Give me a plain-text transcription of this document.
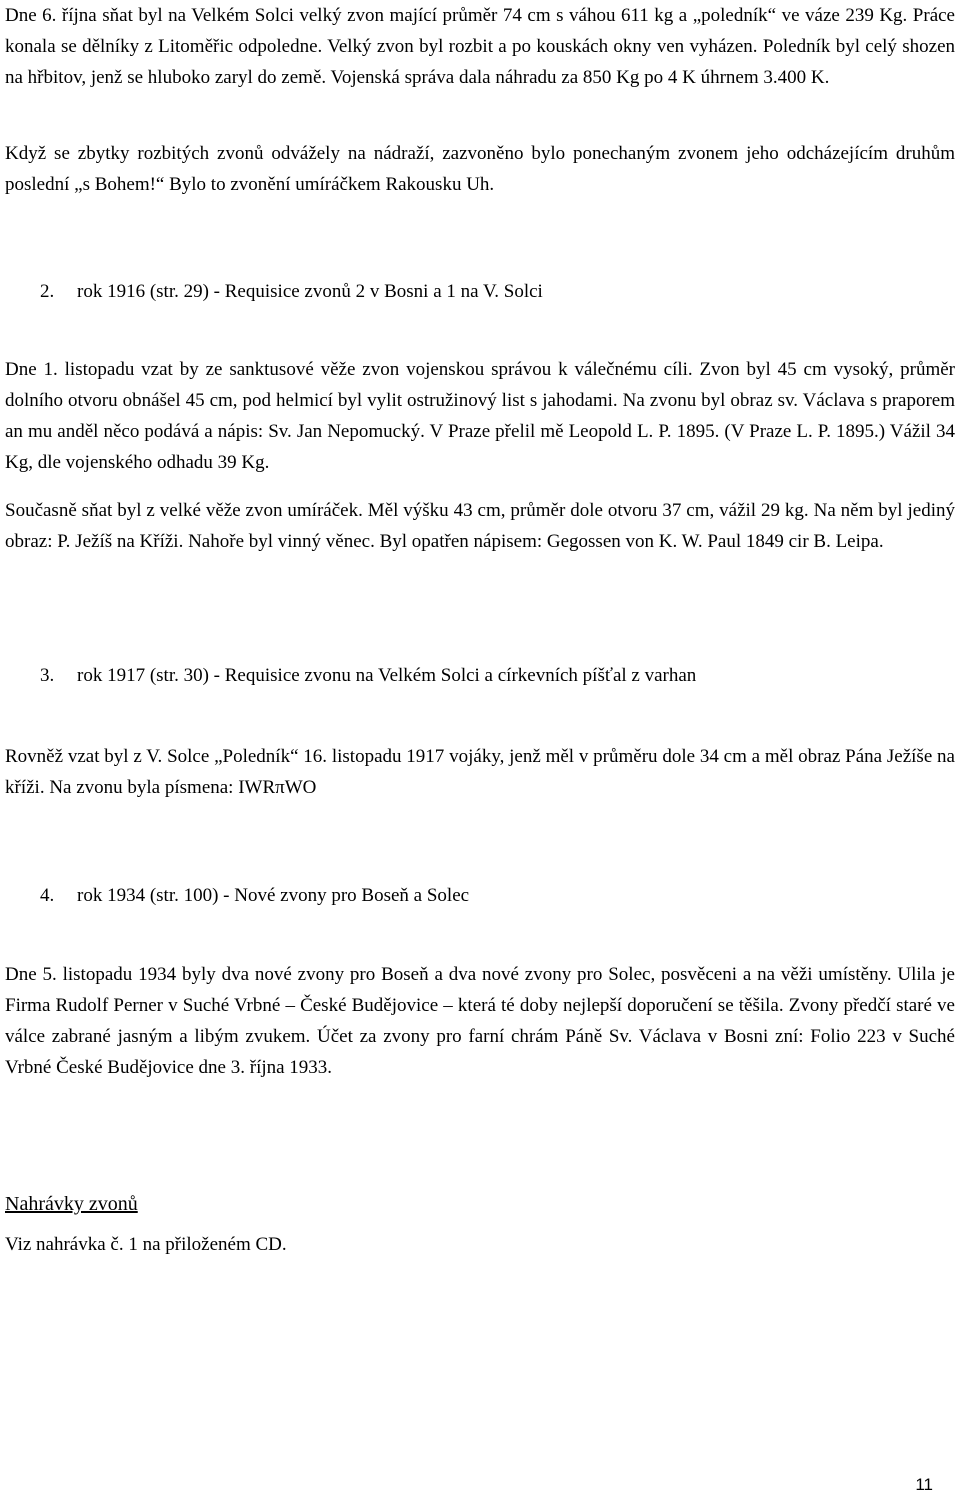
Dne 6. října sňat byl na Velkém Solci velký zvon mající průměr 74 cm s váhou 611 kg a „poledník“ ve váze 239 Kg. Práce konala se dělníky z Litoměřic odpoledne. Velký zvon byl rozbit a po kouskách okny ven vyházen. Poledník byl celý shozen na hřbitov, jenž se hluboko zaryl do země. Vojenská správa dala náhradu za 850 Kg po 4 K úhrnem 3.400 K.

Když se zbytky rozbitých zvonů odvážely na nádraží, zazvoněno bylo ponechaným zvonem jeho odcházejícím druhům poslední „s Bohem!“ Bylo to zvonění umíráčkem Rakousku Uh.

2. rok 1916 (str. 29) - Requisice zvonů 2 v Bosni a 1 na V. Solci

Dne 1. listopadu vzat by ze sanktusové věže zvon vojenskou správou k válečnému cíli. Zvon byl 45 cm vysoký, průměr dolního otvoru obnášel 45 cm, pod helmicí byl vylit ostružinový list s jahodami. Na zvonu byl obraz sv. Václava s praporem an mu anděl něco podává a nápis: Sv. Jan Nepomucký. V Praze přelil mě Leopold L. P. 1895. (V Praze L. P. 1895.) Vážil 34 Kg, dle vojenského odhadu 39 Kg.

Současně sňat byl z velké věže zvon umíráček. Měl výšku 43 cm, průměr dole otvoru 37 cm, vážil 29 kg. Na něm byl jediný obraz: P. Ježíš na Kříži. Nahoře byl vinný věnec. Byl opatřen nápisem: Gegossen von K. W. Paul 1849 cir B. Leipa.

3. rok 1917 (str. 30) - Requisice zvonu na Velkém Solci a církevních píšťal z varhan

Rovněž vzat byl z V. Solce „Poledník“ 16. listopadu 1917 vojáky, jenž měl v průměru dole 34 cm a měl obraz Pána Ježíše na kříži. Na zvonu byla písmena: IWRπWO

4. rok 1934 (str. 100) - Nové zvony pro Boseň a Solec

Dne 5. listopadu 1934 byly dva nové zvony pro Boseň a dva nové zvony pro Solec, posvěceni a na věži umístěny. Ulila je Firma Rudolf Perner v Suché Vrbné – České Budějovice – která té doby nejlepší doporučení se těšila. Zvony předčí staré ve válce zabrané jasným a libým zvukem. Účet za zvony pro farní chrám Páně Sv. Václava v Bosni zní: Folio 223 v Suché Vrbné České Budějovice dne 3. října 1933.

Nahrávky zvonů

Viz nahrávka č. 1 na přiloženém CD.

11
